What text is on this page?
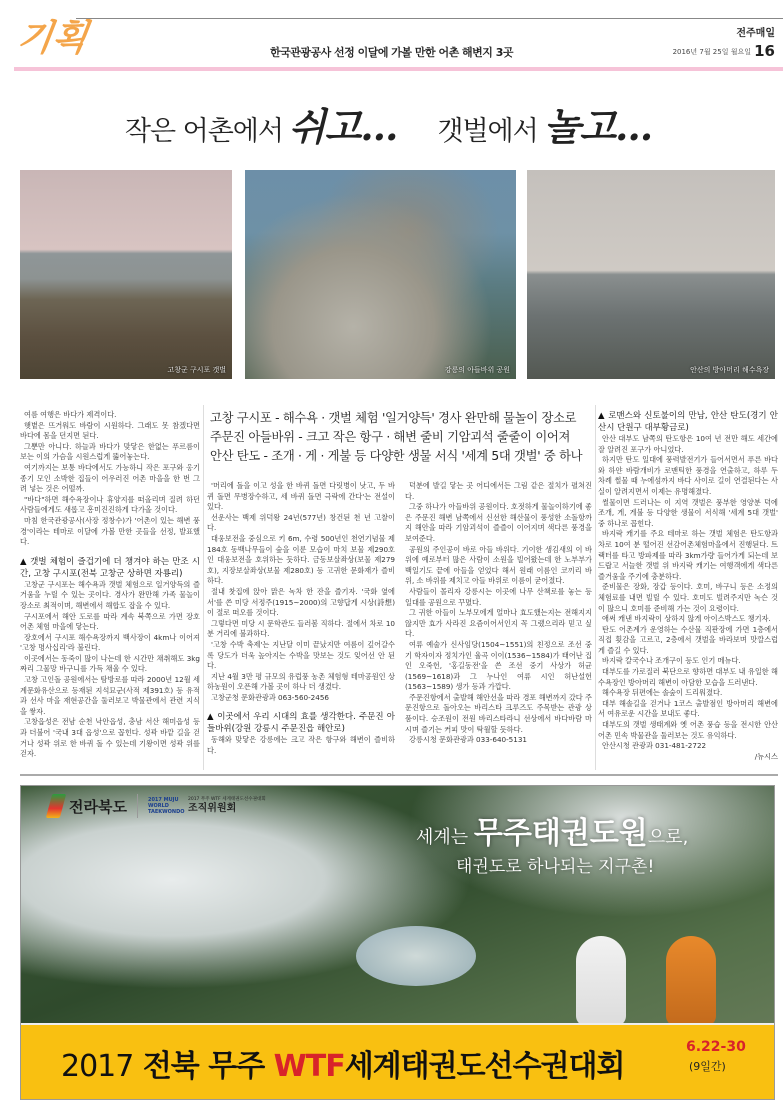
기획	전주매일
한국관광공사 선정 이달에 가볼 만한 어촌 해변지 3곳	2016년 7월 25일 월요일 16
작은 어촌에서 쉬고… 갯벌에서 놀고…
고창군 구시포 갯벌	강릉의 아들바위 공원	안산의 방아머리 해수욕장
고창 구시포 - 해수욕 · 갯벌 체험 '일거양득' 경사 완만해 물놀이 장소로
주문진 아들바위 - 크고 작은 항구 · 해변 줄비 기암괴석 줄줄이 이어져
안산 탄도 - 조개 · 게 · 게불 등 다양한 생물 서식 '세계 5대 갯벌' 중 하나

여름 여행은 바다가 제격이다.

햇볕은 뜨거워도 바람이 시원하다. 그래도 못 참겠다면 바다에 몸을 던지면 된다.

그뿐만 아니다. 하늘과 바다가 맞닿은 한없는 푸르름이 보는 이의 가슴을 시원스럽게 뚫어놓는다.

여기까지는 보통 바다에서도 가능하니 작은 포구와 옹기종기 모인 소박한 집들이 어우러진 어촌 마을을 한 번 그려 넣는 것은 어떨까.

"바다"하면 해수욕장이나 휴양지를 떠올리며 질려 하던 사람들에게도 새롭고 흥미진진하게 다가올 것이다.

마침 한국관광공사(사장 정창수)가 '어촌이 있는 해변 풍경'이라는 테마로 이달에 가볼 만한 곳들을 선정, 발표했다.

▲ 갯벌 체험이 즐겁기에 더 챙겨야 하는 만조 시간, 고창 구시포(전북 고창군 상하면 자룡리)

고창군 구시포는 해수욕과 갯벌 체험으로 일거양득의 즐거움을 누릴 수 있는 곳이다. 경사가 완만해 가족 물놀이 장소로 최적이며, 해변에서 해합도 잡을 수 있다.

구시포에서 해안 도로를 따라 계속 북쪽으로 가면 장호 어촌 체험 마을에 닿는다.

장호에서 구시포 해수욕장까지 백사장이 4km나 이어져 '고창 명사십리'라 불린다.

이곳에서는 동죽이 많이 나는데 한 시간만 채취해도 3kg 짜리 그물망 바구니를 가득 채울 수 있다.

고창 고인돌 공원에서는 탐방로를 따라 2000년 12월 세계문화유산으로 등재된 지석묘군(사적 제391호) 등 유적과 선사 마을 재현공간을 둘러보고 박물관에서 관련 지식을 쌓자.

고창읍성은 전남 순천 낙안읍성, 충남 서산 해미읍성 등과 더불어 '국내 3대 읍성'으로 꼽힌다. 성곽 바깥 길을 걷거나 성곽 위로 한 바퀴 돌 수 있는데 기왕이면 성곽 위를 걷자.

'머리에 돌을 이고 성을 한 바퀴 돌면 다릿병이 낫고, 두 바퀴 돌면 무병장수하고, 세 바퀴 돌면 극락에 간다'는 전설이 있다.

선운사는 백제 위덕왕 24년(577년) 창건된 천 년 고찰이다.

대웅보전을 중심으로 키 6m, 수령 500년인 천연기념물 제184호 동백나무들이 숲을 이룬 모습이 마치 보물 제290호인 대웅보전을 호위하는 듯하다. 금동보살좌상(보물 제279호), 지장보살좌상(보물 제280호) 등 고귀한 문화재가 즐비하다.

절내 찻집에 앉아 맑은 녹차 한 잔을 즐기자. '국화 옆에서'를 쓴 미당 서정주(1915~2000)의 고향답게 시상(詩想)이 절로 떠오를 것이다.

그렇다면 미당 시 문학관도 들러봄 직하다. 절에서 차로 10분 거리에 불과하다.

'고창 수박 축제'는 지난달 이미 끝났지만 여름이 깊어갈수록 당도가 더욱 높아지는 수박을 맛보는 것도 잊어선 안 된다.

지난 4월 3만 평 규모의 유럽풍 농촌 체험형 테마공원인 상하농원이 오픈해 가볼 곳이 하나 더 생겼다.

고창군청 문화관광과 063-560-2456

▲ 이곳에서 우리 시대의 효를 생각한다. 주문진 아들바위(강원 강릉시 주문진읍 해안로)

동해와 맞닿은 강릉에는 크고 작은 항구와 해변이 즐비하다.

덕분에 발길 닿는 곳 어디에서든 그림 같은 절치가 펼쳐진다.

그중 하나가 아들바위 공원이다. 호젓하게 물놀이하기에 좋은 주문진 해변 남쪽에서 신선한 해산물이 풍성한 소돌항까지 해안을 따라 기암괴석이 즐즐이 이어지며 색다른 풍경을 보여준다.

공원의 주인공이 바로 아들 바위다. 기이한 생김새의 이 바위에 예로부터 많은 사람이 소원을 빌어왔는데 한 노부부가 백일기도 끝에 아들을 얻었다 해서 원래 이름인 코끼리 바위, 소 바위를 제치고 아들 바위로 이름이 굳어졌다.

사람들이 몰리자 강릉시는 이곳에 나무 산책로를 놓는 등 일대를 공원으로 꾸몄다.

그 귀한 아들이 노부모에게 얼마나 효도했는지는 전해지지 않지만 효가 사라진 요즘이어서인지 꼭 그랬으리라 믿고 싶다.

여류 예술가 신사임당(1504~1551)의 친정으로 조선 중기 학자이자 정치가인 율곡 이이(1536~1584)가 태어난 집인 오죽헌, '홍길동전'을 쓴 조선 중기 사상가 허균(1569~1618)과 그 누나인 여류 시인 허난설헌(1563~1589) 생가 등과 가깝다.

주문진항에서 출발해 해안선을 따라 경포 해변까지 갔다 주문진항으로 돌아오는 바리스타 크루즈도 주목받는 관광 상품이다. 승조원이 전원 바리스타라니 선상에서 바다바람 마시며 즐기는 커피 맛이 탁월할 듯하다.

강릉시청 문화관광과 033-640-5131

▲ 로맨스와 신토불이의 만남, 안산 탄도(경기 안산시 단원구 대부황금로)

안산 대부도 남쪽의 탄도항은 10여 년 전만 해도 세간에 잘 알려진 포구가 아니었다.

하지만 탄도 일대에 풍력발전기가 들어서면서 푸른 바다와 하얀 바람개비가 로맨틱한 풍경을 연출하고, 하루 두 차례 썰물 때 누에섬까지 바다 사이로 길이 연결된다는 사실이 알려지면서 이제는 유명해졌다.

썰물이면 드러나는 이 지역 갯벌은 풍부한 영양분 덕에 조개, 게, 게불 등 다양한 생물이 서식해 '세계 5대 갯벌' 중 하나로 꼽힌다.

바지락 캐기를 주요 테마로 하는 갯벌 체험은 탄도항과 차로 10여 분 떨어진 선감어촌체험마을에서 진행된다. 트랙터를 타고 방파제를 따라 3km가량 들어가게 되는데 보드랍고 서늘한 갯벌 위 바지락 캐기는 여행객에게 색다른 즐거움을 주기에 충분하다.

준비물은 장화, 장갑 등이다. 호미, 바구니 등은 소정의 체험료를 내면 빌릴 수 있다. 호미도 빌려주지만 녹슨 것이 많으니 호미를 준비해 가는 것이 요령이다.

애써 캐낸 바지락이 상하지 않게 아이스박스도 챙기자.

탄도 어촌계가 운영하는 수산물 직판장에 가면 1층에서 직접 횟감을 고르고, 2층에서 갯벌을 바라보며 맛깔스럽게 즐길 수 있다.

바지락 칼국수나 조개구이 등도 인기 메뉴다.

대부도를 가로질러 북단으로 향하면 대부도 내 유일한 해수욕장인 방아머리 해변이 아담한 모습을 드러낸다.

해수욕장 뒤편에는 솔숲이 드리워졌다.

대부 해솔길을 걷거나 1코스 출발점인 방아머리 해변에서 여유로운 시간을 보내도 좋다.

대부도의 갯벌 생태계와 옛 어촌 풍습 등을 전시한 안산 어촌 민속 박물관을 둘러보는 것도 유익하다.

안산시청 관광과 031-481-2722

/뉴시스

전라북도	2017 MUJU WORLD TAEKWONDO
2017 무주 WTF 세계태권도선수권대회
조직위원회
세계는 무주태권도원으로,
태권도로 하나되는 지구촌!
2017 전북 무주 WTF세계태권도선수권대회
6.22-30
(9일간)
